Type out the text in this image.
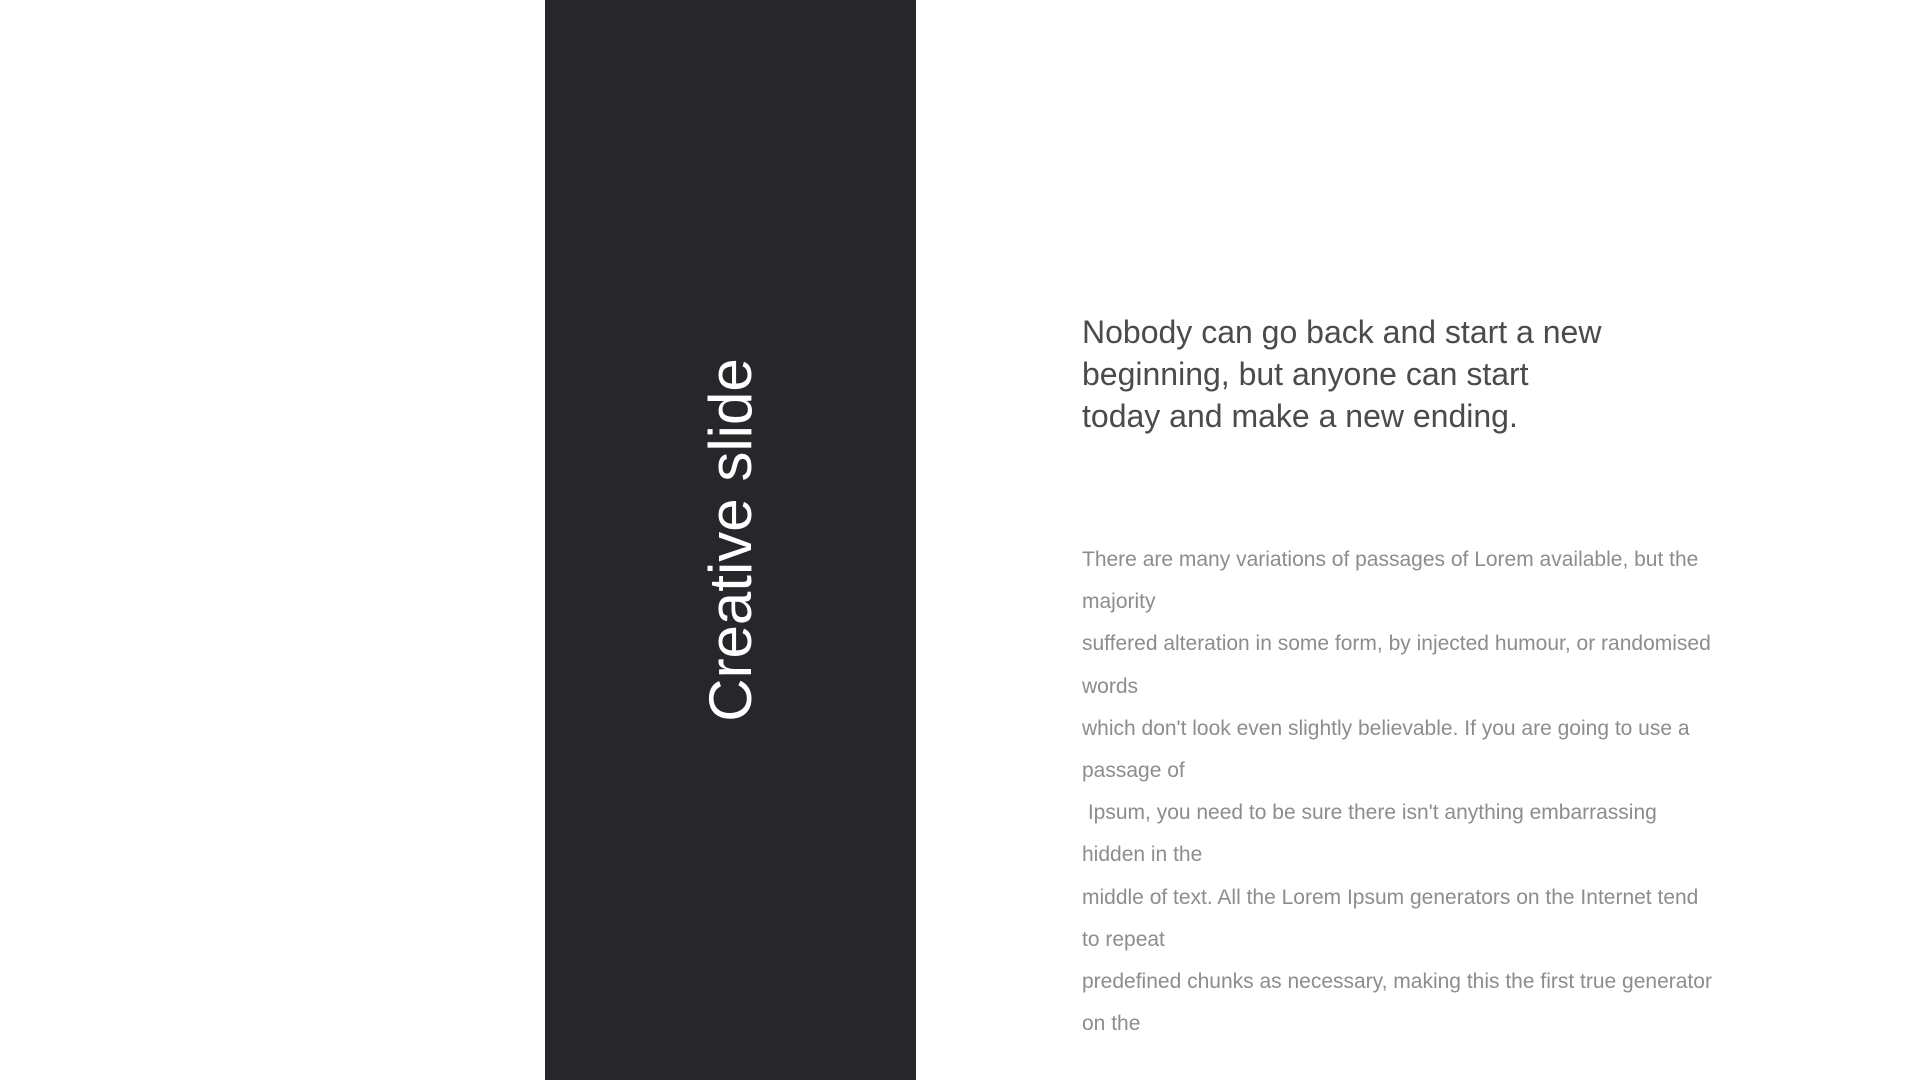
Creative slide
Nobody can go back and start a new
beginning, but anyone can start
today and make a new ending.
There are many variations of passages of Lorem available, but the
majority
suffered alteration in some form, by injected humour, or randomised
words
which don't look even slightly believable. If you are going to use a
passage of
Ipsum, you need to be sure there isn't anything embarrassing
hidden in the
middle of text. All the Lorem Ipsum generators on the Internet tend
to repeat
predefined chunks as necessary, making this the first true generator
on the
